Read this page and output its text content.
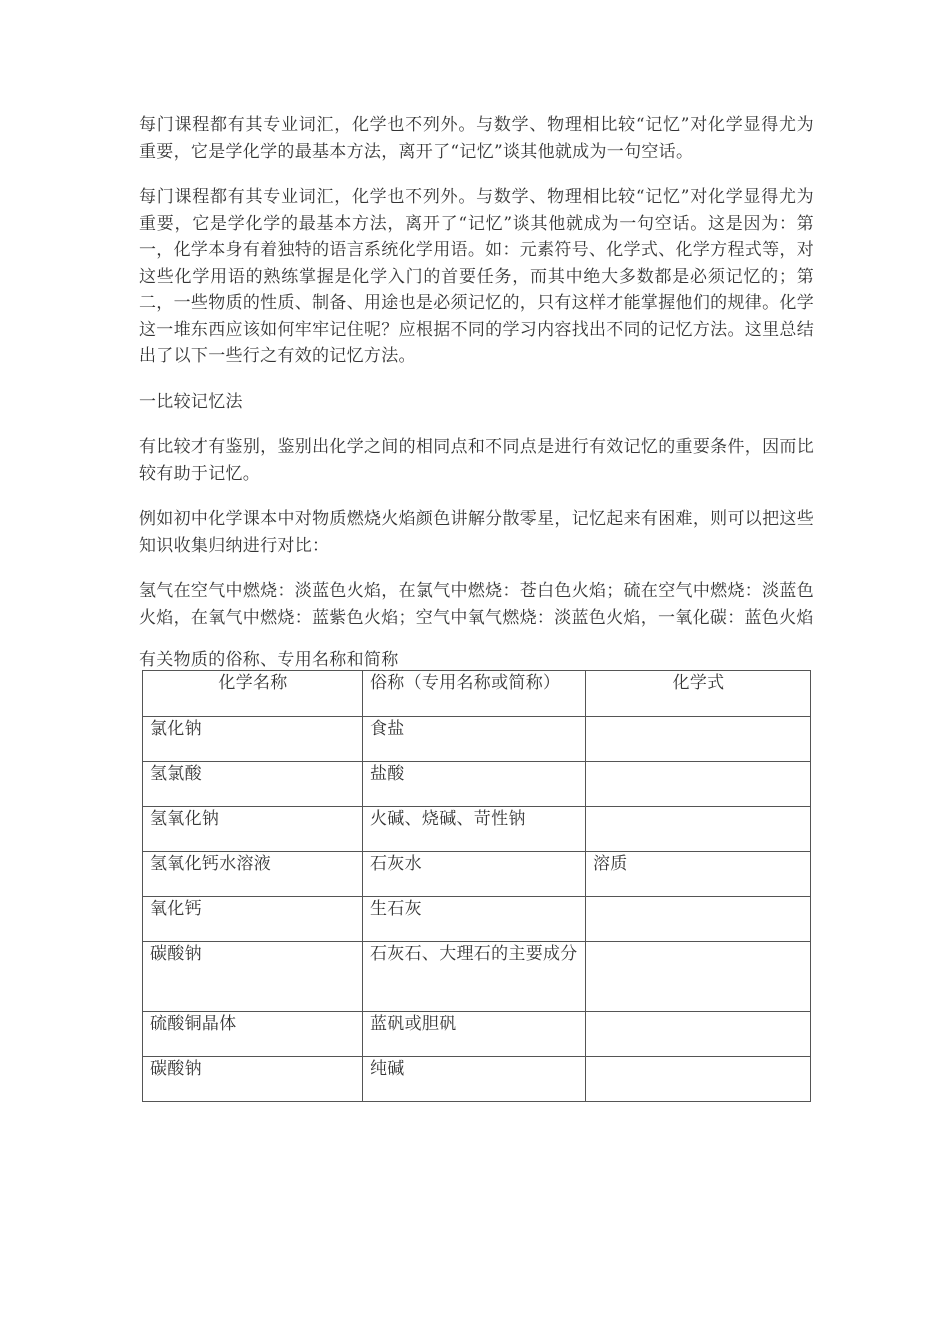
每门课程都有其专业词汇，化学也不列外。与数学、物理相比较“记忆”对化学显得尤为重要，它是学化学的最基本方法，离开了“记忆”谈其他就成为一句空话。

每门课程都有其专业词汇，化学也不列外。与数学、物理相比较“记忆”对化学显得尤为重要，它是学化学的最基本方法，离开了“记忆”谈其他就成为一句空话。这是因为：第一，化学本身有着独特的语言系统化学用语。如：元素符号、化学式、化学方程式等，对这些化学用语的熟练掌握是化学入门的首要任务，而其中绝大多数都是必须记忆的；第二，一些物质的性质、制备、用途也是必须记忆的，只有这样才能掌握他们的规律。化学这一堆东西应该如何牢牢记住呢？应根据不同的学习内容找出不同的记忆方法。这里总结出了以下一些行之有效的记忆方法。

一比较记忆法

有比较才有鉴别，鉴别出化学之间的相同点和不同点是进行有效记忆的重要条件，因而比较有助于记忆。

例如初中化学课本中对物质燃烧火焰颜色讲解分散零星，记忆起来有困难，则可以把这些知识收集归纳进行对比：

氢气在空气中燃烧：淡蓝色火焰，在氯气中燃烧：苍白色火焰；硫在空气中燃烧：淡蓝色火焰，在氧气中燃烧：蓝紫色火焰；空气中氧气燃烧：淡蓝色火焰，一氧化碳：蓝色火焰

有关物质的俗称、专用名称和简称

化学名称	俗称（专用名称或简称）	化学式
氯化钠	食盐	
氢氯酸	盐酸	
氢氧化钠	火碱、烧碱、苛性钠	
氢氧化钙水溶液	石灰水	溶质
氧化钙	生石灰	
碳酸钠	石灰石、大理石的主要成分	
硫酸铜晶体	蓝矾或胆矾	
碳酸钠	纯碱	
